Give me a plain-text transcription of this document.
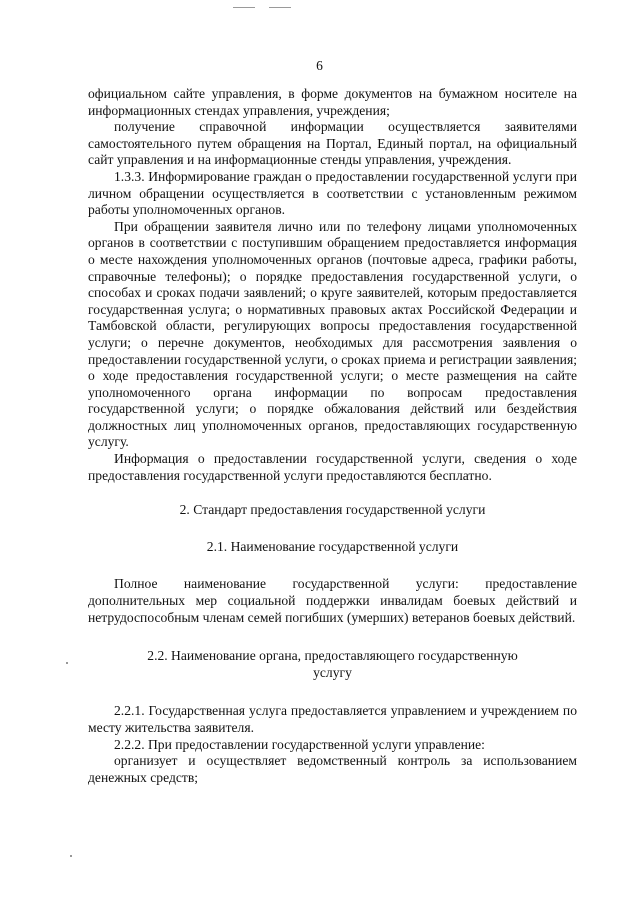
6

официальном сайте управления, в форме документов на бумажном носителе на информационных стендах управления, учреждения;

получение справочной информации осуществляется заявителями самостоятельного путем обращения на Портал, Единый портал, на официальный сайт управления и на информационные стенды управления, учреждения.

1.3.3. Информирование граждан о предоставлении государственной услуги при личном обращении осуществляется в соответствии с установленным режимом работы уполномоченных органов.

При обращении заявителя лично или по телефону лицами уполномоченных органов в соответствии с поступившим обращением предоставляется информация о месте нахождения уполномоченных органов (почтовые адреса, графики работы, справочные телефоны); о порядке предоставления государственной услуги, о способах и сроках подачи заявлений; о круге заявителей, которым предоставляется государственная услуга; о нормативных правовых актах Российской Федерации и Тамбовской области, регулирующих вопросы предоставления государственной услуги; о перечне документов, необходимых для рассмотрения заявления о предоставлении государственной услуги, о сроках приема и регистрации заявления; о ходе предоставления государственной услуги; о месте размещения на сайте уполномоченного органа информации по вопросам предоставления государственной услуги; о порядке обжалования действий или бездействия должностных лиц уполномоченных органов, предоставляющих государственную услугу.

Информация о предоставлении государственной услуги, сведения о ходе предоставления государственной услуги предоставляются бесплатно.

2. Стандарт предоставления государственной услуги

2.1. Наименование государственной услуги

Полное наименование государственной услуги: предоставление дополнительных мер социальной поддержки инвалидам боевых действий и нетрудоспособным членам семей погибших (умерших) ветеранов боевых действий.

2.2. Наименование органа, предоставляющего государственную

услугу

2.2.1. Государственная услуга предоставляется управлением и учреждением по месту жительства заявителя.

2.2.2. При предоставлении государственной услуги управление:

организует и осуществляет ведомственный контроль за использованием денежных средств;
